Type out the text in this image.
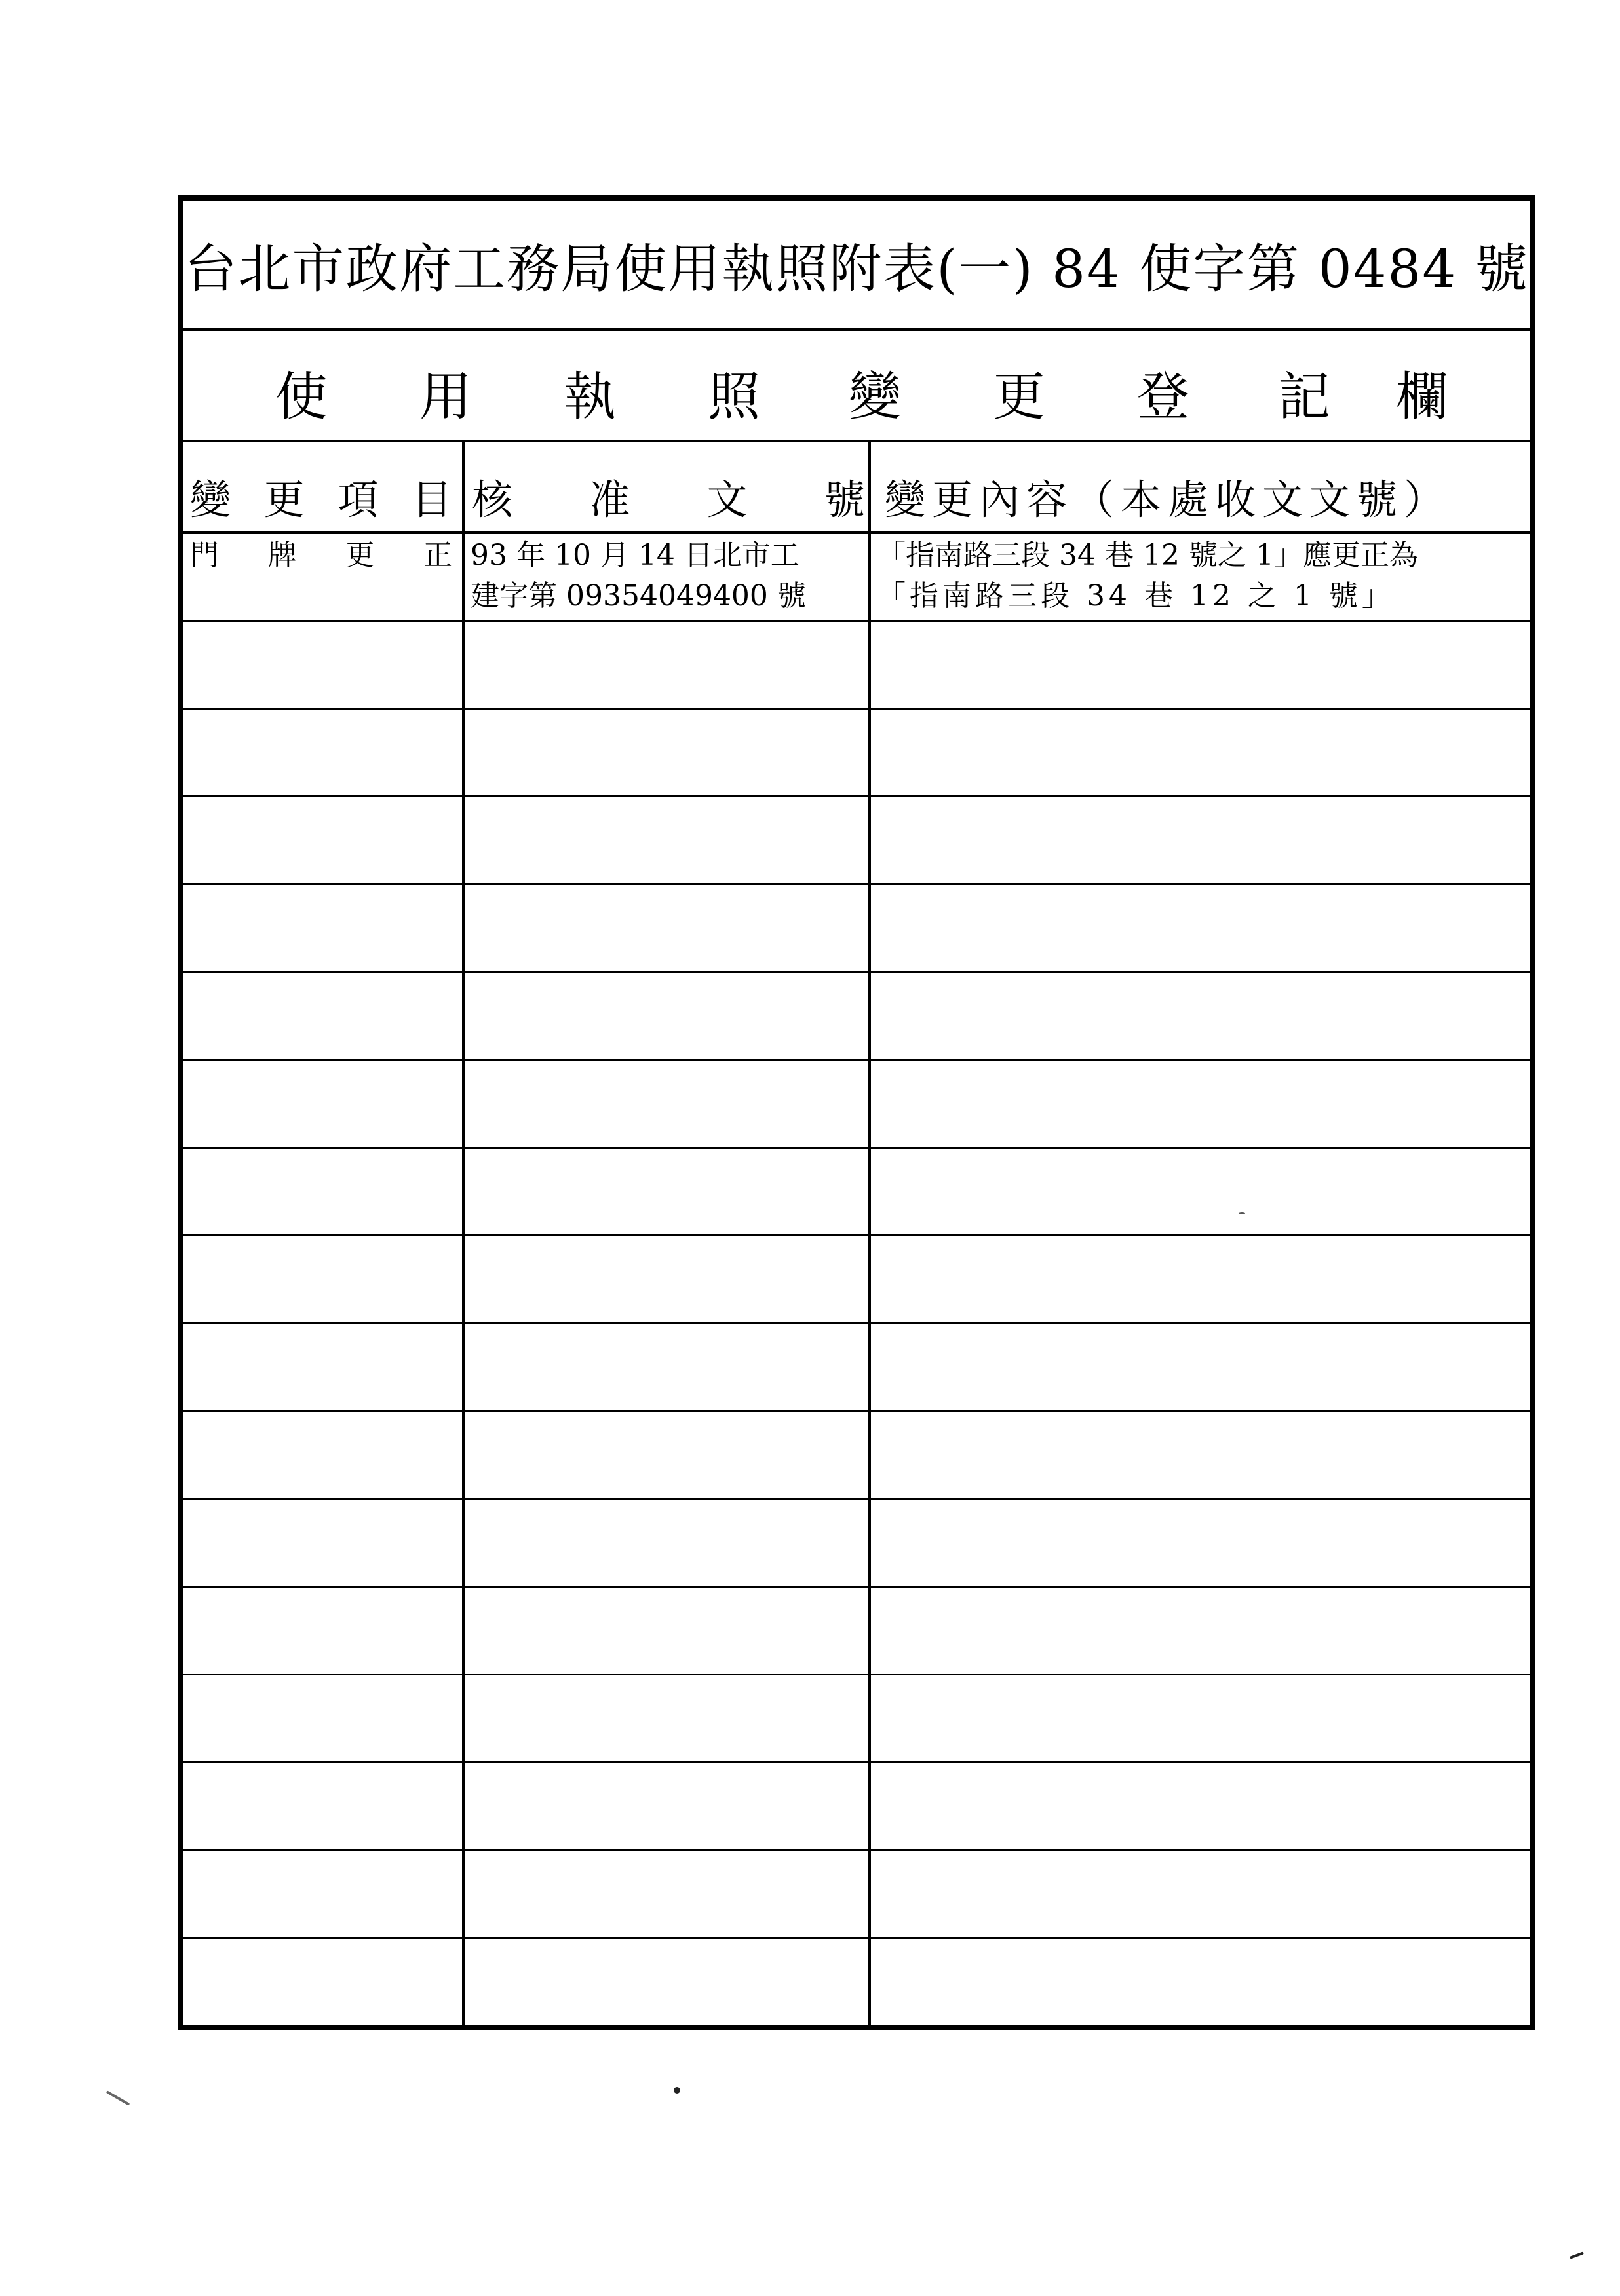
台北市政府工務局使用執照附表(一) 84 使字第 0484 號
使 用 執 照 變 更 登 記 欄
變 更 項 目 核 准 文 號 變更內容（本處收文文號）
門 牌 更 正 93 年 10 月 14 日北市工
建字第 09354049400 號
「指南路三段 34 巷 12 號之 1」應更正為
「指南路三段 34 巷 12 之 1 號」
